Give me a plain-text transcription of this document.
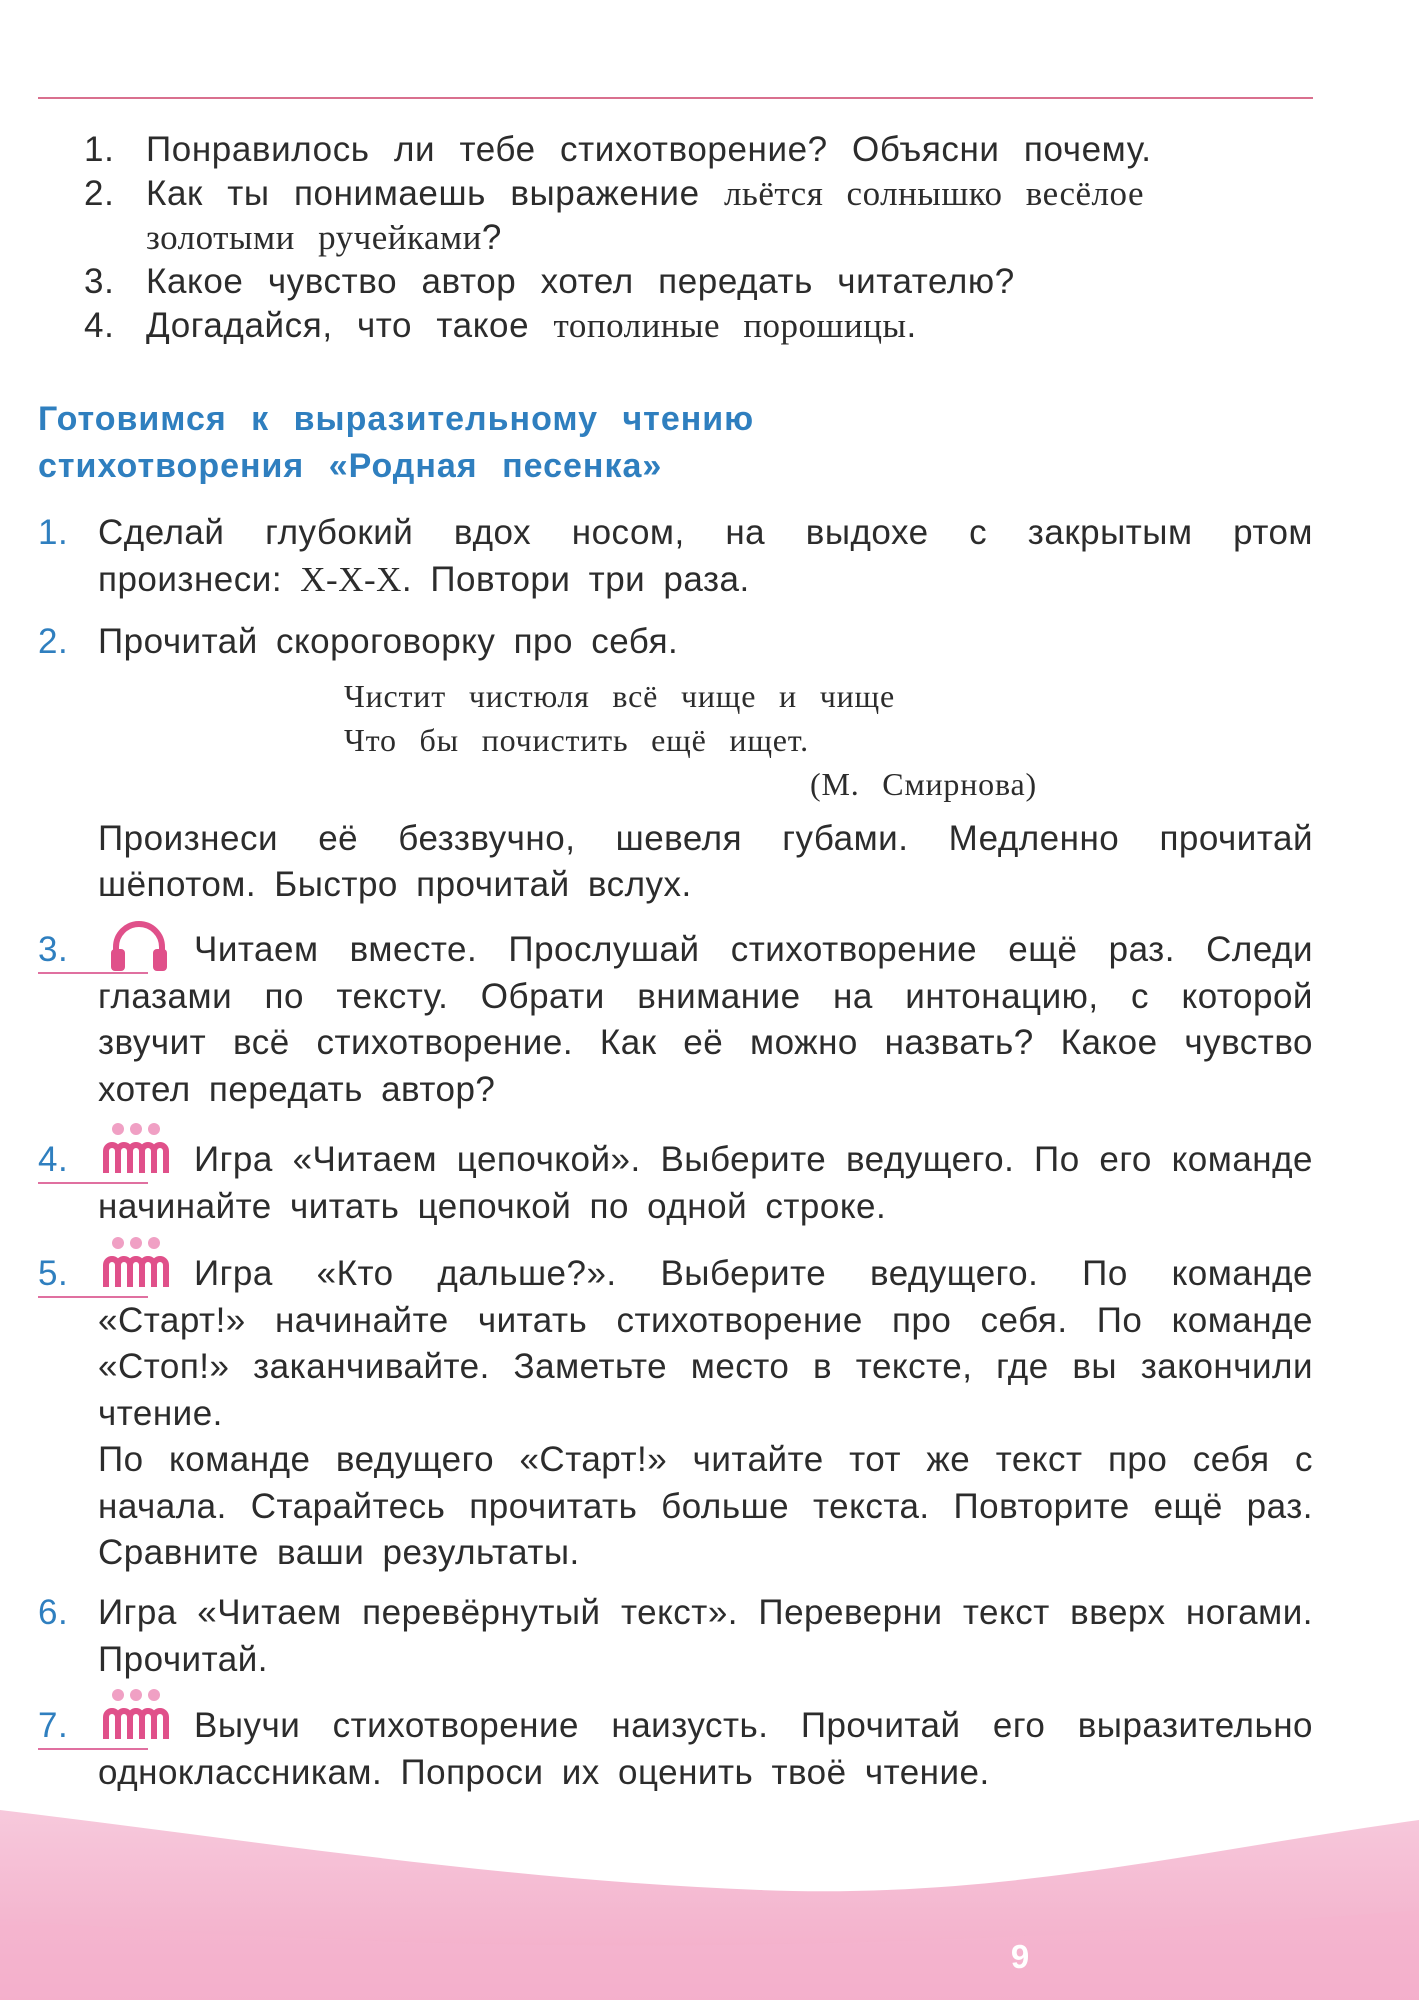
1. Понравилось ли тебе стихотворение? Объясни почему.
2. Как ты понимаешь выражение льётся солнышко весёлое золотыми ручейками?
3. Какое чувство автор хотел передать читателю?
4. Догадайся, что такое тополиные порошицы.
Готовимся к выразительному чтению
стихотворения «Родная песенка»
1. Сделай глубокий вдох носом, на выдохе с закрытым ртом произнеси: Х-Х-Х. Повтори три раза.
2. Прочитай скороговорку про себя.
Чистит чистюля всё чище и чище
Что бы почистить ещё ищет.
(М. Смирнова)
Произнеси её беззвучно, шевеля губами. Медленно прочитай шёпотом. Быстро прочитай вслух.
3.	Читаем вместе. Прослушай стихотворение ещё раз. Следи глазами по тексту. Обрати внимание на интонацию, с которой звучит всё стихотворение. Как её можно назвать? Какое чувство хотел передать автор?
4.	Игра «Читаем цепочкой». Выберите ведущего. По его команде начинайте читать цепочкой по одной строке.
5.	Игра «Кто дальше?». Выберите ведущего. По команде «Старт!» начинайте читать стихотворение про себя. По команде «Стоп!» заканчивайте. Заметьте место в тексте, где вы закончили чтение.
По команде ведущего «Старт!» читайте тот же текст про себя с начала. Старайтесь прочитать больше текста. Повторите ещё раз. Сравните ваши результаты.
6. Игра «Читаем перевёрнутый текст». Переверни текст вверх ногами. Прочитай.
7.	Выучи стихотворение наизусть. Прочитай его выразительно одноклассникам. Попроси их оценить твоё чтение.
9
